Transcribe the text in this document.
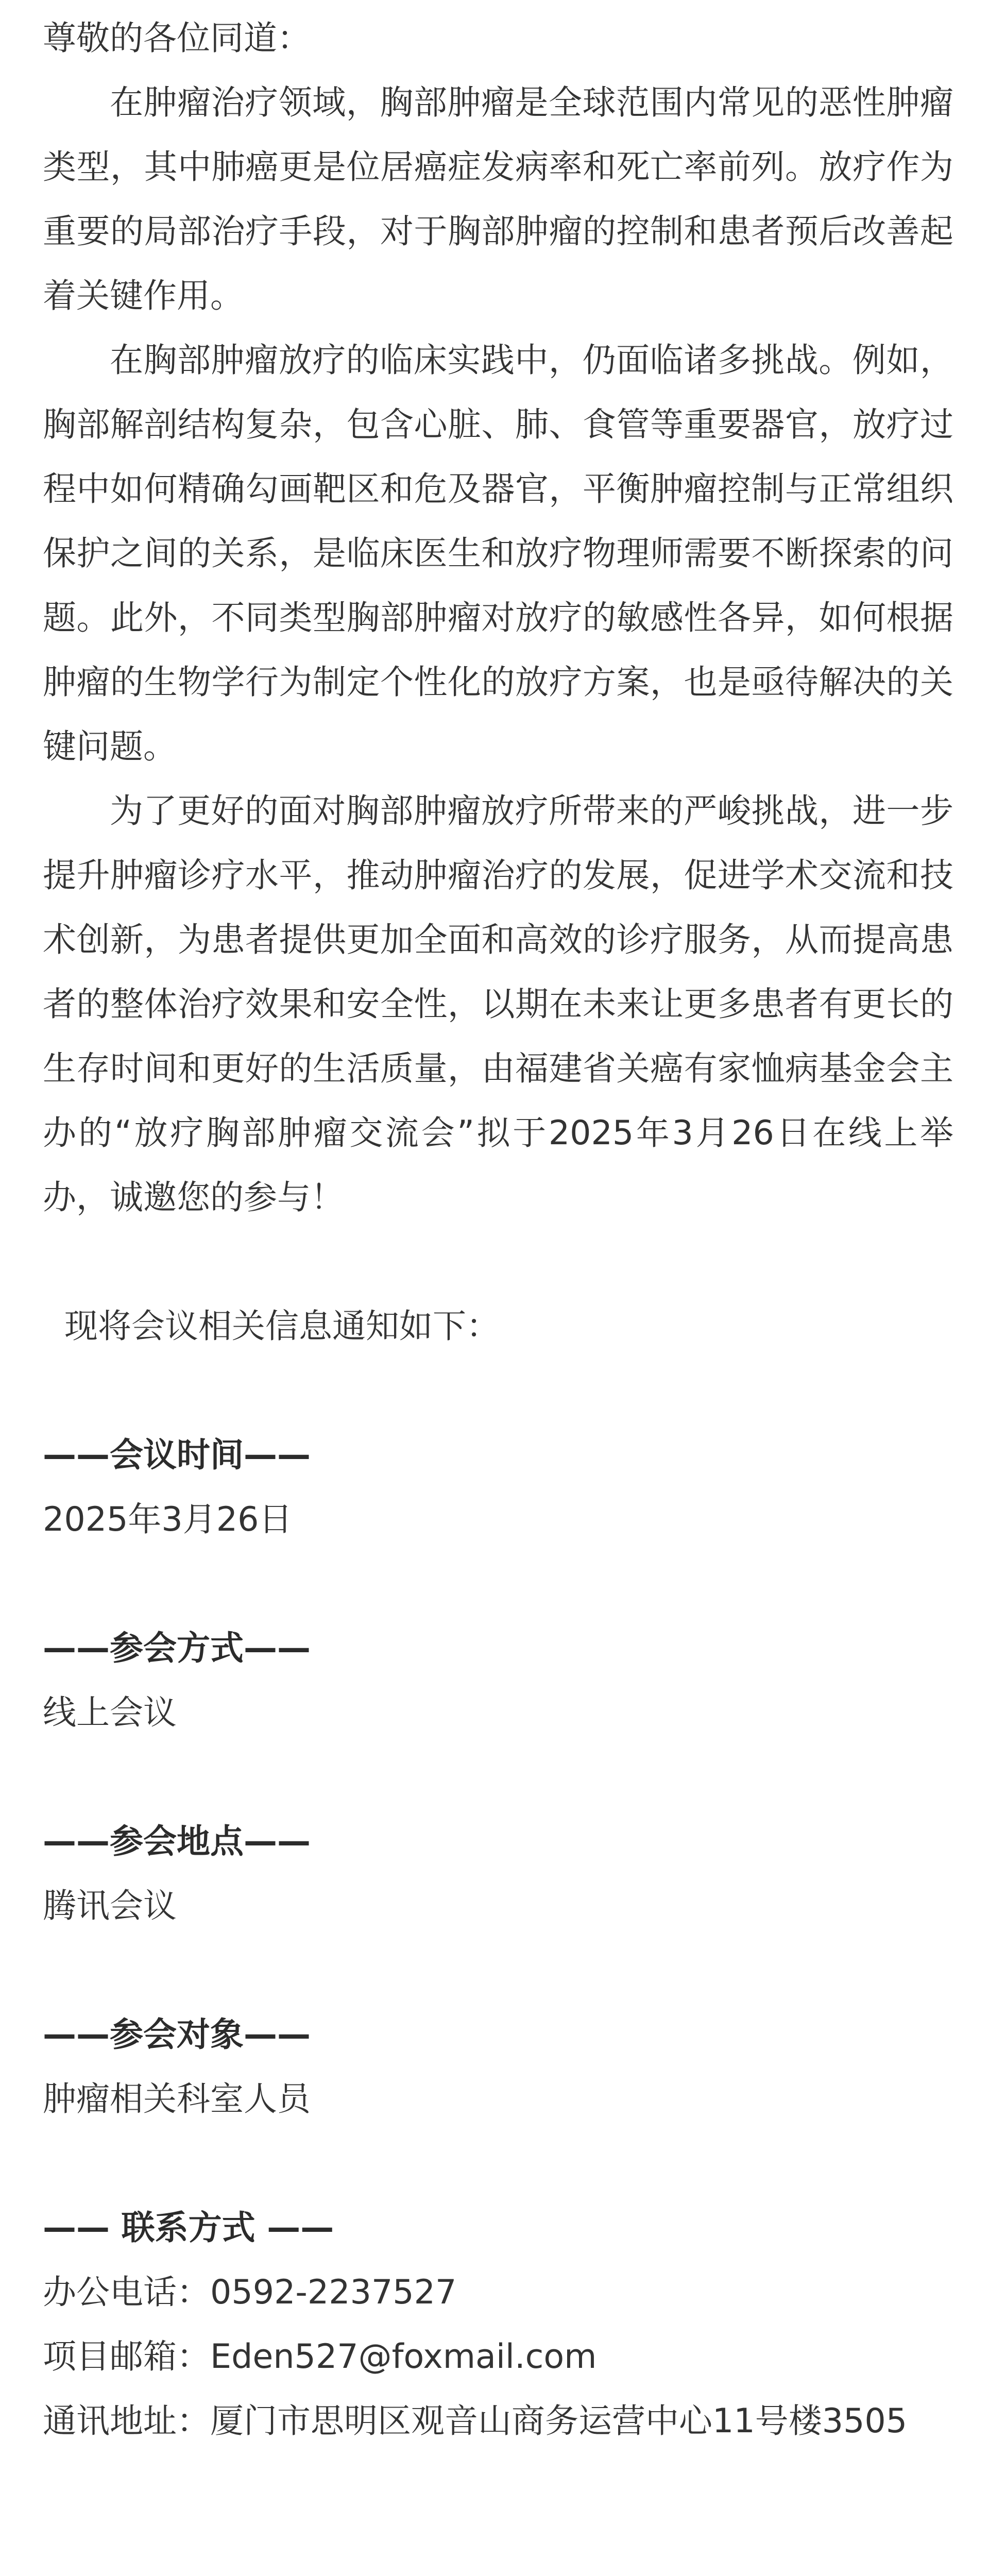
尊敬的各位同道：

在肿瘤治疗领域，胸部肿瘤是全球范围内常见的恶性肿瘤类型，其中肺癌更是位居癌症发病率和死亡率前列。放疗作为重要的局部治疗手段，对于胸部肿瘤的控制和患者预后改善起着关键作用。

在胸部肿瘤放疗的临床实践中，仍面临诸多挑战。例如，胸部解剖结构复杂，包含心脏、肺、食管等重要器官，放疗过程中如何精确勾画靶区和危及器官，平衡肿瘤控制与正常组织保护之间的关系，是临床医生和放疗物理师需要不断探索的问题。此外，不同类型胸部肿瘤对放疗的敏感性各异，如何根据肿瘤的生物学行为制定个性化的放疗方案，也是亟待解决的关键问题。

为了更好的面对胸部肿瘤放疗所带来的严峻挑战，进一步提升肿瘤诊疗水平，推动肿瘤治疗的发展，促进学术交流和技术创新，为患者提供更加全面和高效的诊疗服务，从而提高患者的整体治疗效果和安全性，以期在未来让更多患者有更长的生存时间和更好的生活质量，由福建省关癌有家恤病基金会主办的“放疗胸部肿瘤交流会”拟于2025年3月26日在线上举办，诚邀您的参与！

现将会议相关信息通知如下：

——会议时间——

2025年3月26日

——参会方式——

线上会议

——参会地点——

腾讯会议

——参会对象——

肿瘤相关科室人员

—— 联系方式 ——

办公电话：0592-2237527

项目邮箱：Eden527@foxmail.com

通讯地址：厦门市思明区观音山商务运营中心11号楼3505
